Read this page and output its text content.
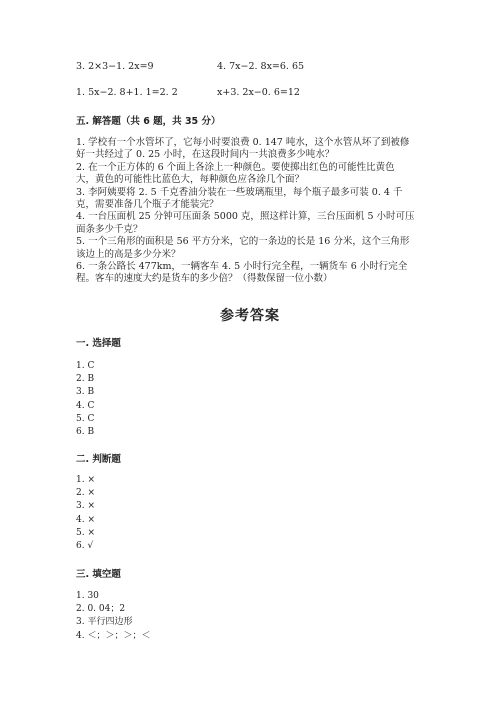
3. 2×3−1. 2x=9	4. 7x−2. 8x=6. 65
1. 5x−2. 8+1. 1=2. 2	x+3. 2x−0. 6=12
五. 解答题（共 6 题，共 35 分）
1. 学校有一个水管坏了，它每小时要浪费 0. 147 吨水，这个水管从坏了到被修
好一共经过了 0. 25 小时，在这段时间内一共浪费多少吨水？
2. 在一个正方体的 6 个面上各涂上一种颜色。要使掷出红色的可能性比黄色
大，黄色的可能性比蓝色大，每种颜色应各涂几个面？
3. 李阿姨要将 2. 5 千克香油分装在一些玻璃瓶里，每个瓶子最多可装 0. 4 千
克，需要准备几个瓶子才能装完？
4. 一台压面机 25 分钟可压面条 5000 克，照这样计算，三台压面机 5 小时可压
面条多少千克？
5. 一个三角形的面积是 56 平方分米，它的一条边的长是 16 分米，这个三角形
该边上的高是多少分米？
6. 一条公路长 477km，一辆客车 4. 5 小时行完全程，一辆货车 6 小时行完全
程。客车的速度大约是货车的多少倍？（得数保留一位小数）
参考答案
一. 选择题
1. C
2. B
3. B
4. C
5. C
6. B
二. 判断题
1. ×
2. ×
3. ×
4. ×
5. ×
6. √
三. 填空题
1. 30
2. 0. 04；2
3. 平行四边形
4. ＜；＞；＞；＜
